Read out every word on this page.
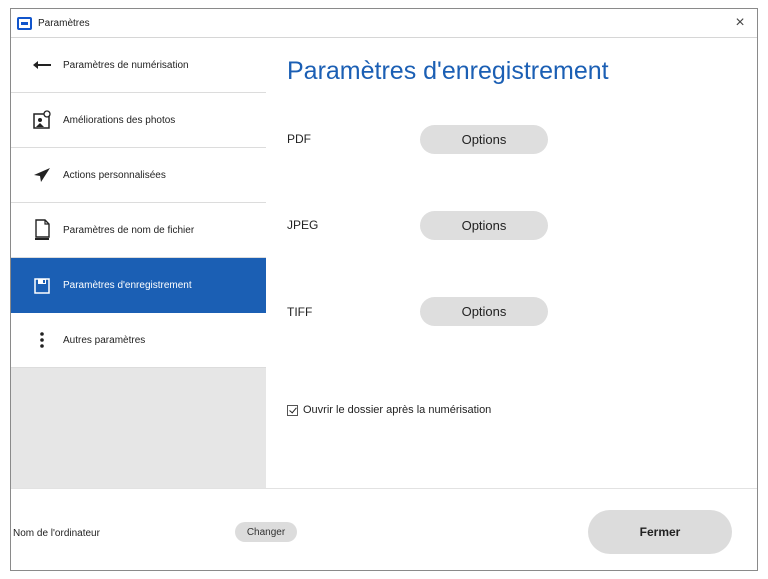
Paramètres	×
Paramètres de numérisation
Améliorations des photos
Actions personnalisées
Paramètres de nom de fichier
Paramètres d'enregistrement
Autres paramètres
Paramètres d'enregistrement
PDF	Options
JPEG	Options
TIFF	Options
Ouvrir le dossier après la numérisation
Nom de l'ordinateur	Changer	Fermer
